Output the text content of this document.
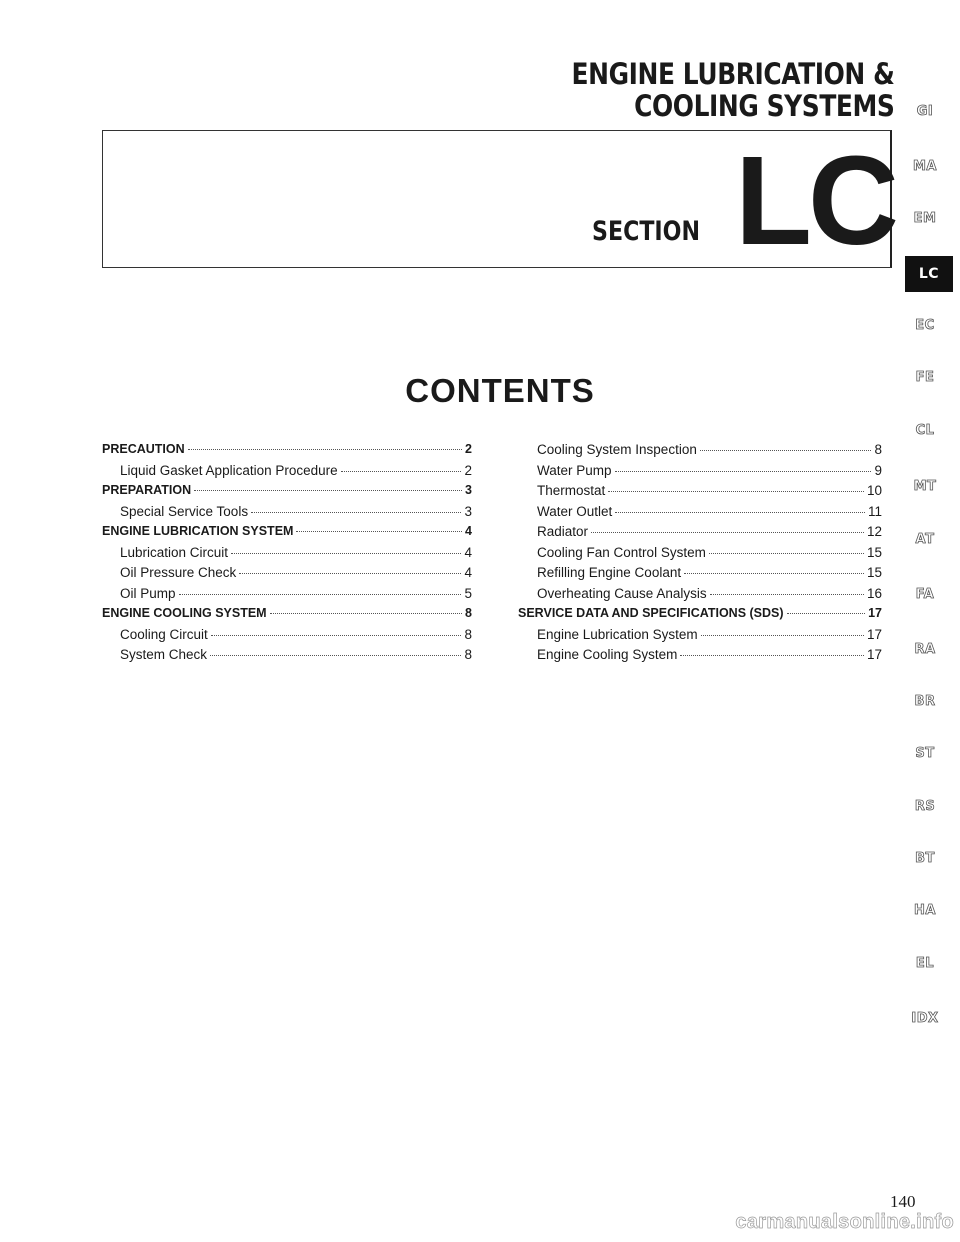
ENGINE LUBRICATION &
COOLING SYSTEMS
SECTION LC
CONTENTS
PRECAUTION	2
Liquid Gasket Application Procedure	2
PREPARATION	3
Special Service Tools	3
ENGINE LUBRICATION SYSTEM	4
Lubrication Circuit	4
Oil Pressure Check	4
Oil Pump	5
ENGINE COOLING SYSTEM	8
Cooling Circuit	8
System Check	8
Cooling System Inspection	8
Water Pump	9
Thermostat	10
Water Outlet	11
Radiator	12
Cooling Fan Control System	15
Refilling Engine Coolant	15
Overheating Cause Analysis	16
SERVICE DATA AND SPECIFICATIONS (SDS)	17
Engine Lubrication System	17
Engine Cooling System	17
GI
MA
EM
LC
EC
FE
CL
MT
AT
FA
RA
BR
ST
RS
BT
HA
EL
IDX
140
carmanualsonline.info
